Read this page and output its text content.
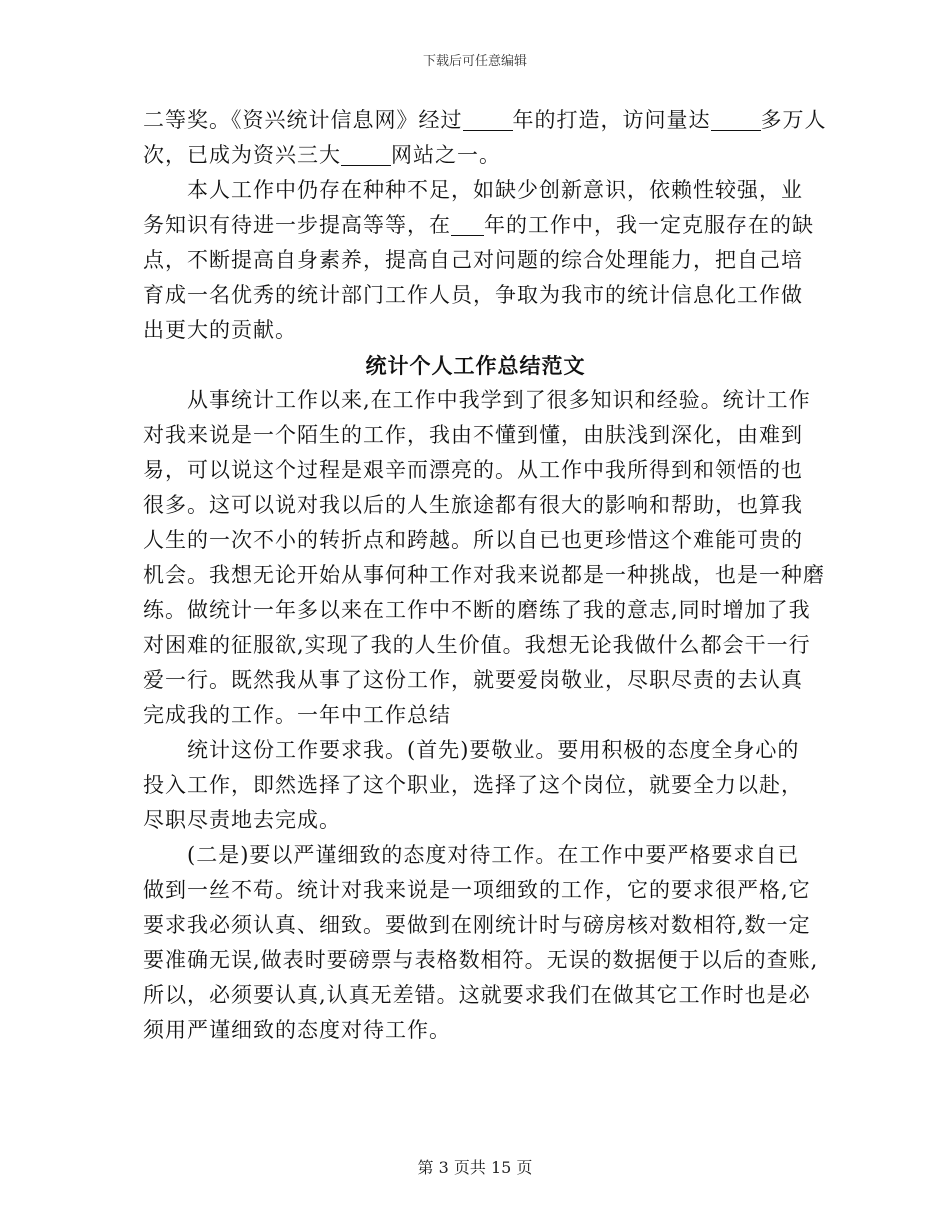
下载后可任意编辑
二等奖。《资兴统计信息网》经过 年的打造，访问量达 多万人
次，已成为资兴三大 网站之一。
　　本人工作中仍存在种种不足，如缺少创新意识，依赖性较强，业
务知识有待进一步提高等等，在 年的工作中，我一定克服存在的缺
点，不断提高自身素养，提高自己对问题的综合处理能力，把自己培
育成一名优秀的统计部门工作人员，争取为我市的统计信息化工作做
出更大的贡献。
统计个人工作总结范文
　　从事统计工作以来,在工作中我学到了很多知识和经验。统计工作
对我来说是一个陌生的工作，我由不懂到懂，由肤浅到深化，由难到
易，可以说这个过程是艰辛而漂亮的。从工作中我所得到和领悟的也
很多。这可以说对我以后的人生旅途都有很大的影响和帮助，也算我
人生的一次不小的转折点和跨越。所以自已也更珍惜这个难能可贵的
机会。我想无论开始从事何种工作对我来说都是一种挑战，也是一种磨
练。做统计一年多以来在工作中不断的磨练了我的意志,同时增加了我
对困难的征服欲,实现了我的人生价值。我想无论我做什么都会干一行
爱一行。既然我从事了这份工作，就要爱岗敬业，尽职尽责的去认真
完成我的工作。一年中工作总结
　　统计这份工作要求我。(首先)要敬业。要用积极的态度全身心的
投入工作，即然选择了这个职业，选择了这个岗位，就要全力以赴，
尽职尽责地去完成。
　　(二是)要以严谨细致的态度对待工作。在工作中要严格要求自已
做到一丝不苟。统计对我来说是一项细致的工作，它的要求很严格,它
要求我必须认真、细致。要做到在刚统计时与磅房核对数相符,数一定
要准确无误,做表时要磅票与表格数相符。无误的数据便于以后的查账,
所以，必须要认真,认真无差错。这就要求我们在做其它工作时也是必
须用严谨细致的态度对待工作。
第 3 页共 15 页
